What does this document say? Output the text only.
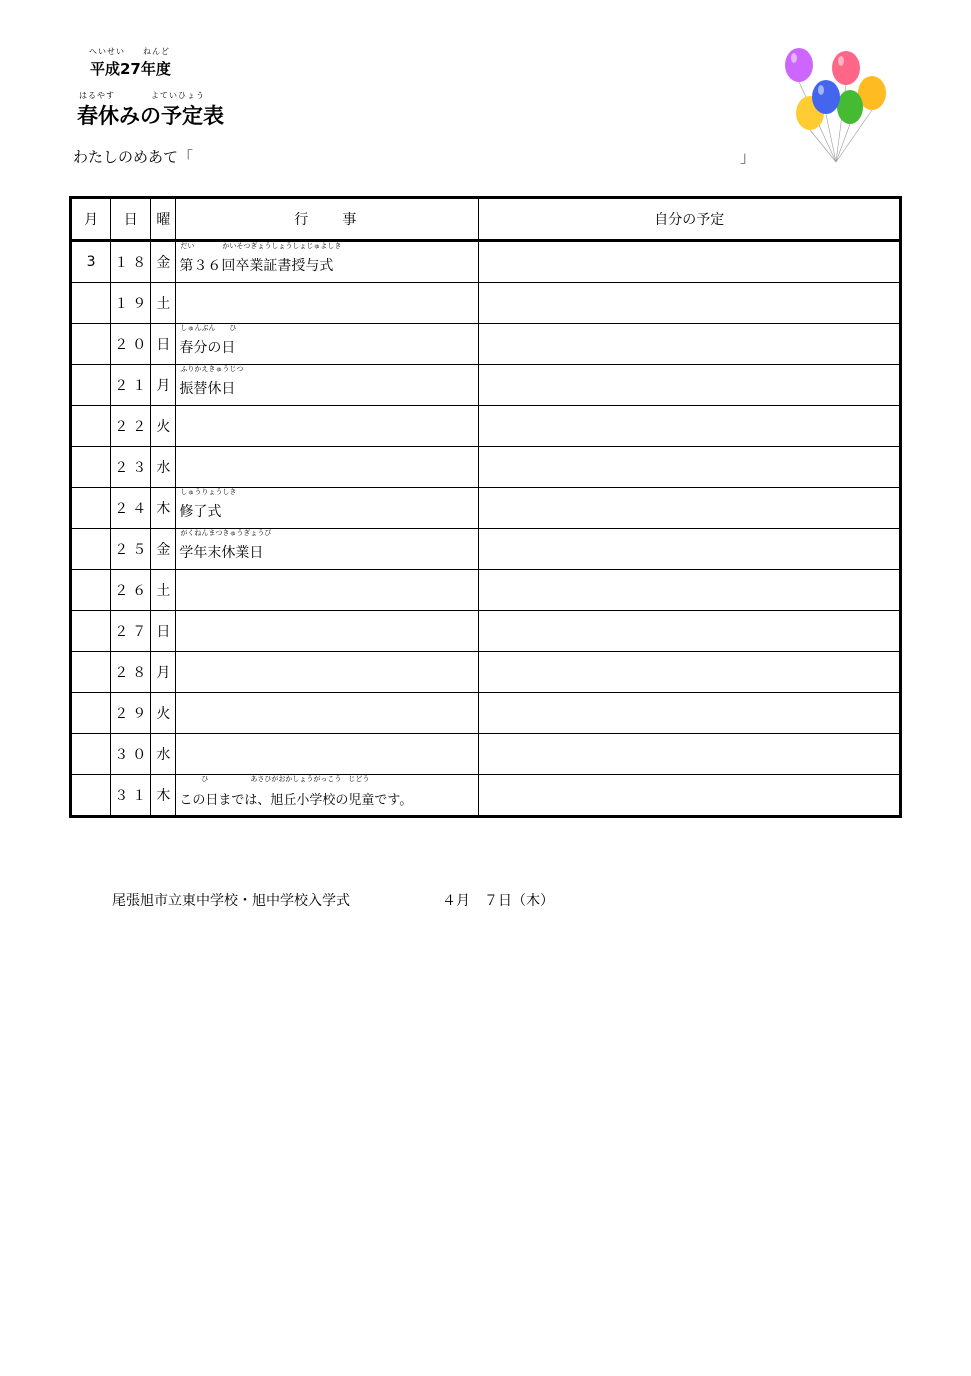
へいせい　　ねんど
平成27年度
はるやす　　　　よていひょう
春休みの予定表
わたしのめあて「	」
月	日	曜	行事	自分の予定
3	１８	金	だい　　　　かいそつぎょうしょうしょじゅよしき
第３６回卒業証書授与式	
	１９	土	

	２０	日	しゅんぶん　　ひ
春分の日	
	２１	月	ふりかえきゅうじつ
振替休日	
	２２	火	

	２３	水	

	２４	木	しゅうりょうしき
修了式	
	２５	金	がくねんまつきゅうぎょうび
学年末休業日	
	２６	土	

	２７	日	

	２８	月	

	２９	火	

	３０	水	

	３１	木	　　　ひ　　　　　　あさひがおかしょうがっこう　じどう
この日までは、旭丘小学校の児童です。	
尾張旭市立東中学校・旭中学校入学式	４月　７日（木）
